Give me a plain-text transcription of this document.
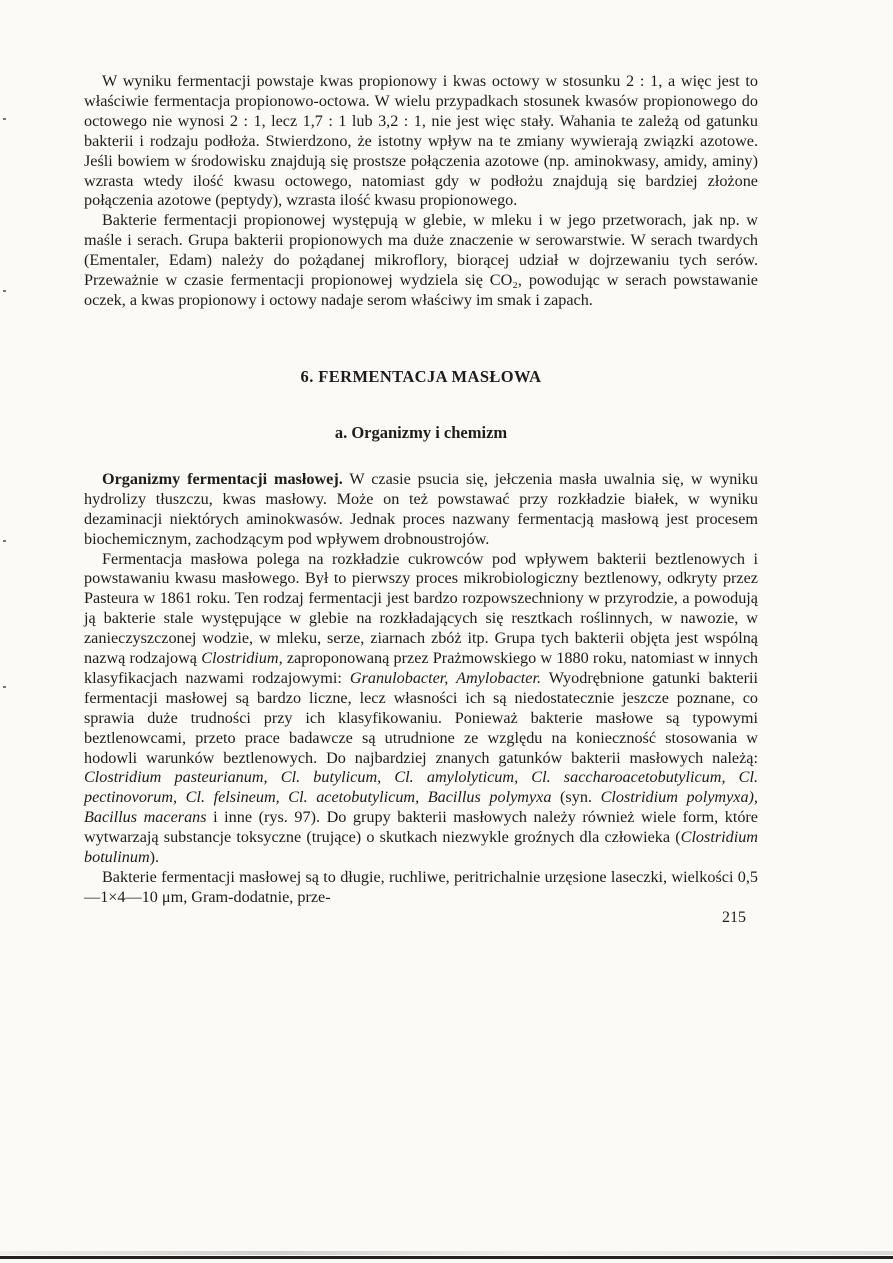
W wyniku fermentacji powstaje kwas propionowy i kwas octowy w stosunku 2 : 1, a więc jest to właściwie fermentacja propionowo-octowa. W wielu przypadkach stosunek kwasów propionowego do octowego nie wynosi 2 : 1, lecz 1,7 : 1 lub 3,2 : 1, nie jest więc stały. Wahania te zależą od gatunku bakterii i rodzaju podłoża. Stwierdzono, że istotny wpływ na te zmiany wywierają związki azotowe. Jeśli bowiem w środowisku znajdują się prostsze połączenia azotowe (np. aminokwasy, amidy, aminy) wzrasta wtedy ilość kwasu octowego, natomiast gdy w podłożu znajdują się bardziej złożone połączenia azotowe (peptydy), wzrasta ilość kwasu propionowego.

Bakterie fermentacji propionowej występują w glebie, w mleku i w jego przetworach, jak np. w maśle i serach. Grupa bakterii propionowych ma duże znaczenie w serowarstwie. W serach twardych (Ementaler, Edam) należy do pożądanej mikroflory, biorącej udział w dojrzewaniu tych serów. Przeważnie w czasie fermentacji propionowej wydziela się CO₂, powodując w serach powstawanie oczek, a kwas propionowy i octowy nadaje serom właściwy im smak i zapach.

6. FERMENTACJA MASŁOWA
a. Organizmy i chemizm

Organizmy fermentacji masłowej. W czasie psucia się, jełczenia masła uwalnia się, w wyniku hydrolizy tłuszczu, kwas masłowy. Może on też powstawać przy rozkładzie białek, w wyniku dezaminacji niektórych aminokwasów. Jednak proces nazwany fermentacją masłową jest procesem biochemicznym, zachodzącym pod wpływem drobnoustrojów.

Fermentacja masłowa polega na rozkładzie cukrowców pod wpływem bakterii beztlenowych i powstawaniu kwasu masłowego. Był to pierwszy proces mikrobiologiczny beztlenowy, odkryty przez Pasteura w 1861 roku. Ten rodzaj fermentacji jest bardzo rozpowszechniony w przyrodzie, a powodują ją bakterie stale występujące w glebie na rozkładających się resztkach roślinnych, w nawozie, w zanieczyszczonej wodzie, w mleku, serze, ziarnach zbóż itp. Grupa tych bakterii objęta jest wspólną nazwą rodzajową Clostridium, zaproponowaną przez Prażmowskiego w 1880 roku, natomiast w innych klasyfikacjach nazwami rodzajowymi: Granulobacter, Amylobacter. Wyodrębnione gatunki bakterii fermentacji masłowej są bardzo liczne, lecz własności ich są niedostatecznie jeszcze poznane, co sprawia duże trudności przy ich klasyfikowaniu. Ponieważ bakterie masłowe są typowymi beztlenowcami, przeto prace badawcze są utrudnione ze względu na konieczność stosowania w hodowli warunków beztlenowych. Do najbardziej znanych gatunków bakterii masłowych należą: Clostridium pasteurianum, Cl. butylicum, Cl. amylolyticum, Cl. saccharoacetobutylicum, Cl. pectinovorum, Cl. felsineum, Cl. acetobutylicum, Bacillus polymyxa (syn. Clostridium polymyxa), Bacillus macerans i inne (rys. 97). Do grupy bakterii masłowych należy również wiele form, które wytwarzają substancje toksyczne (trujące) o skutkach niezwykle groźnych dla człowieka (Clostridium botulinum).

Bakterie fermentacji masłowej są to długie, ruchliwe, peritrichalnie urzęsione laseczki, wielkości 0,5—1×4—10 μm, Gram-dodatnie, prze-

215
